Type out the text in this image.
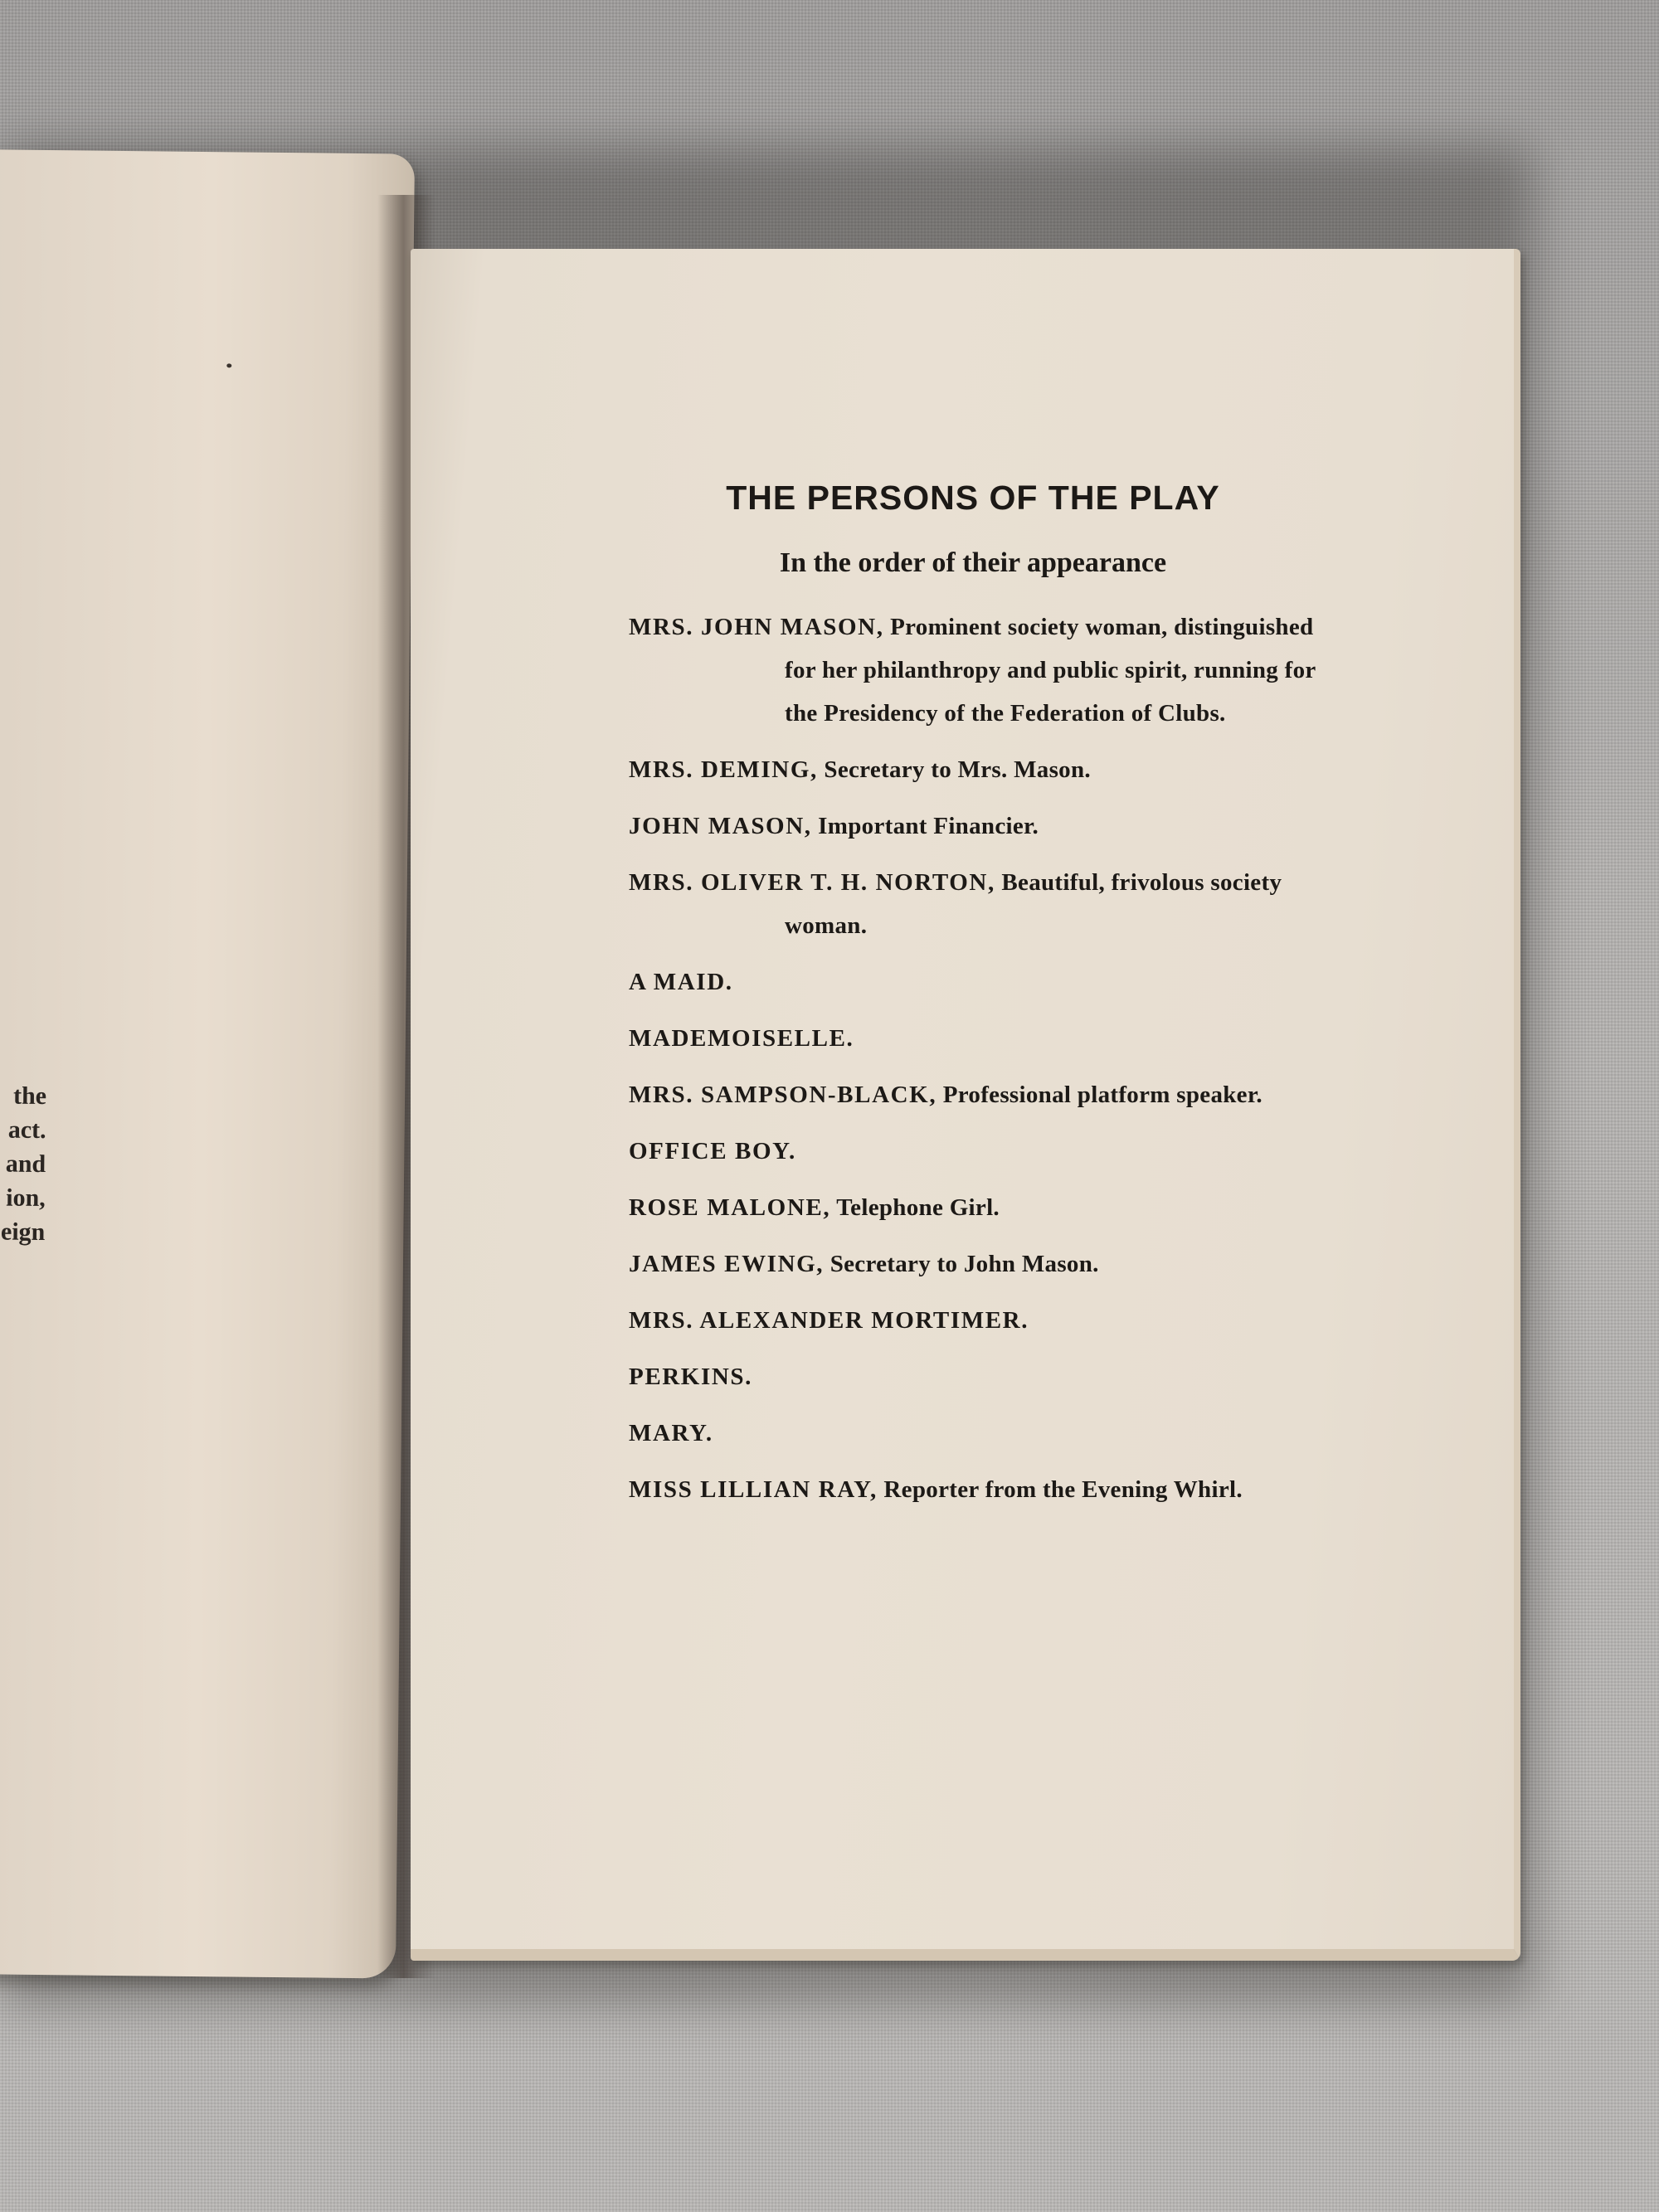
the
act.
and
ion,
eign
THE PERSONS OF THE PLAY
In the order of their appearance
MRS. JOHN MASON, Prominent society woman, distinguished for her philanthropy and public spirit, running for the Presidency of the Federation of Clubs.
MRS. DEMING, Secretary to Mrs. Mason.
JOHN MASON, Important Financier.
MRS. OLIVER T. H. NORTON, Beautiful, frivolous society woman.
A MAID.
MADEMOISELLE.
MRS. SAMPSON-BLACK, Professional platform speaker.
OFFICE BOY.
ROSE MALONE, Telephone Girl.
JAMES EWING, Secretary to John Mason.
MRS. ALEXANDER MORTIMER.
PERKINS.
MARY.
MISS LILLIAN RAY, Reporter from the Evening Whirl.
